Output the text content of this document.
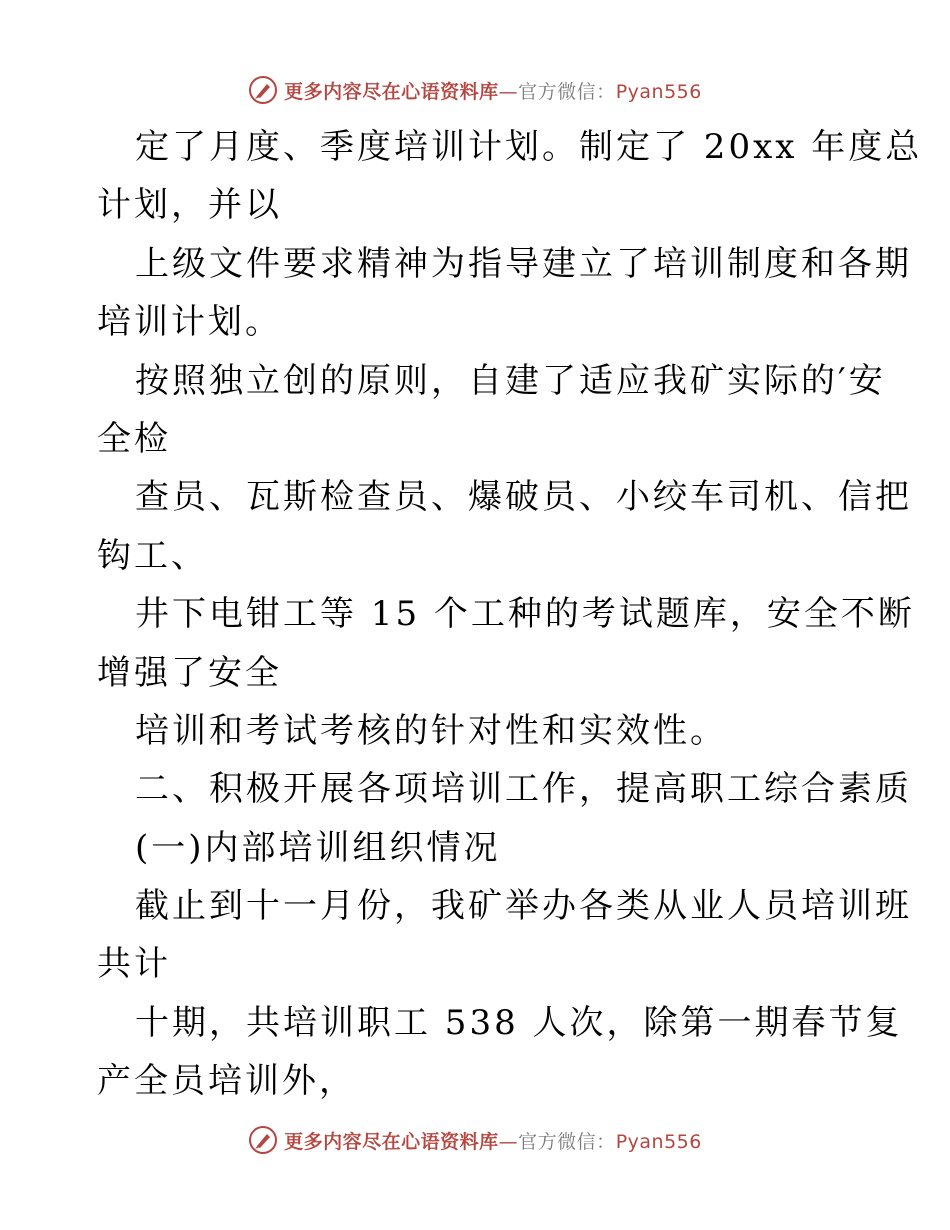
更多内容尽在心语资料库—官方微信：Pyan556
定了月度、季度培训计划。制定了 20xx 年度总
计划，并以
上级文件要求精神为指导建立了培训制度和各期
培训计划。
按照独立创的原则，自建了适应我矿实际的′安
全检
查员、瓦斯检查员、爆破员、小绞车司机、信把
钩工、
井下电钳工等 15 个工种的考试题库，安全不断
增强了安全
培训和考试考核的针对性和实效性。
二、积极开展各项培训工作，提高职工综合素质
(一)内部培训组织情况
截止到十一月份，我矿举办各类从业人员培训班
共计
十期，共培训职工 538 人次，除第一期春节复
产全员培训外，
更多内容尽在心语资料库—官方微信：Pyan556
